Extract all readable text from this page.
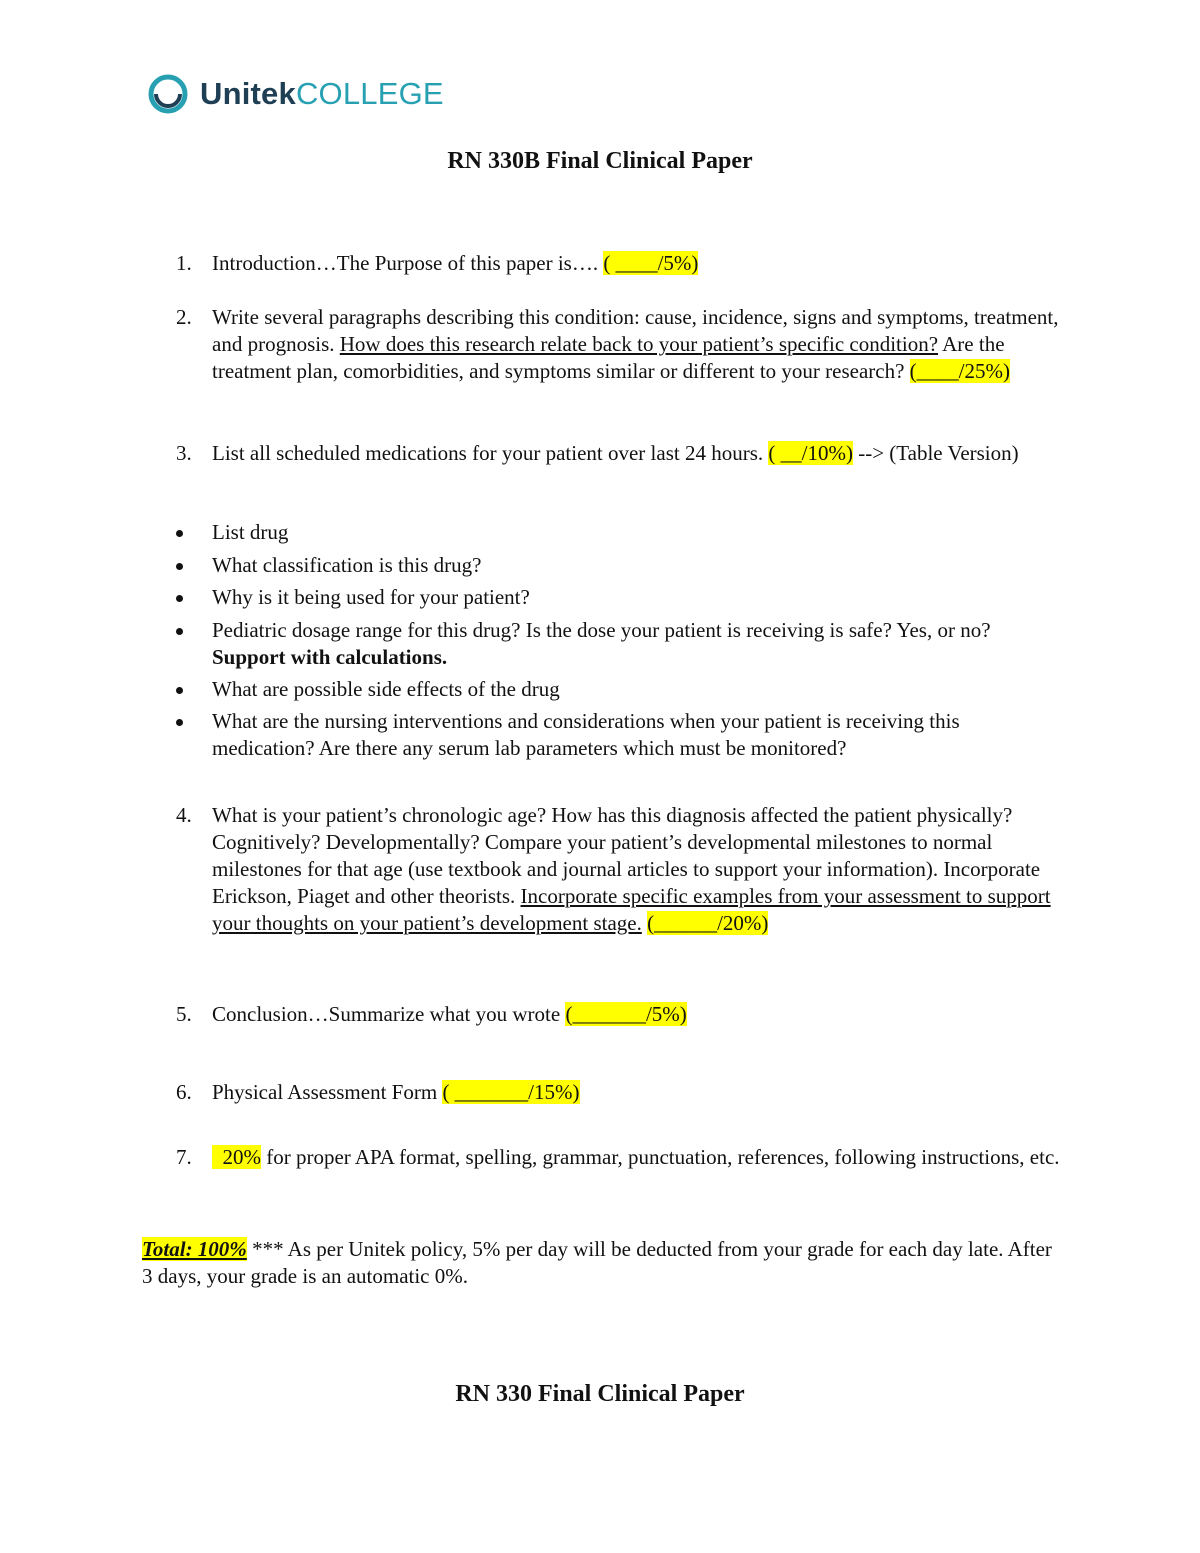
UnitekCOLLEGE
RN 330B Final Clinical Paper
1. Introduction…The Purpose of this paper is…. ( ____/5%)
2. Write several paragraphs describing this condition: cause, incidence, signs and symptoms, treatment, and prognosis. How does this research relate back to your patient’s specific condition? Are the treatment plan, comorbidities, and symptoms similar or different to your research? (____/25%)
3. List all scheduled medications for your patient over last 24 hours. ( __/10%) --> (Table Version)
List drug
What classification is this drug?
Why is it being used for your patient?
Pediatric dosage range for this drug? Is the dose your patient is receiving is safe? Yes, or no? Support with calculations.
What are possible side effects of the drug
What are the nursing interventions and considerations when your patient is receiving this medication? Are there any serum lab parameters which must be monitored?
4. What is your patient’s chronologic age? How has this diagnosis affected the patient physically? Cognitively? Developmentally? Compare your patient’s developmental milestones to normal milestones for that age (use textbook and journal articles to support your information). Incorporate Erickson, Piaget and other theorists. Incorporate specific examples from your assessment to support your thoughts on your patient’s development stage. (______/20%)
5. Conclusion…Summarize what you wrote (_______/5%)
6. Physical Assessment Form ( _______/15%)
7. 20% for proper APA format, spelling, grammar, punctuation, references, following instructions, etc.
Total: 100% *** As per Unitek policy, 5% per day will be deducted from your grade for each day late. After 3 days, your grade is an automatic 0%.
RN 330 Final Clinical Paper
